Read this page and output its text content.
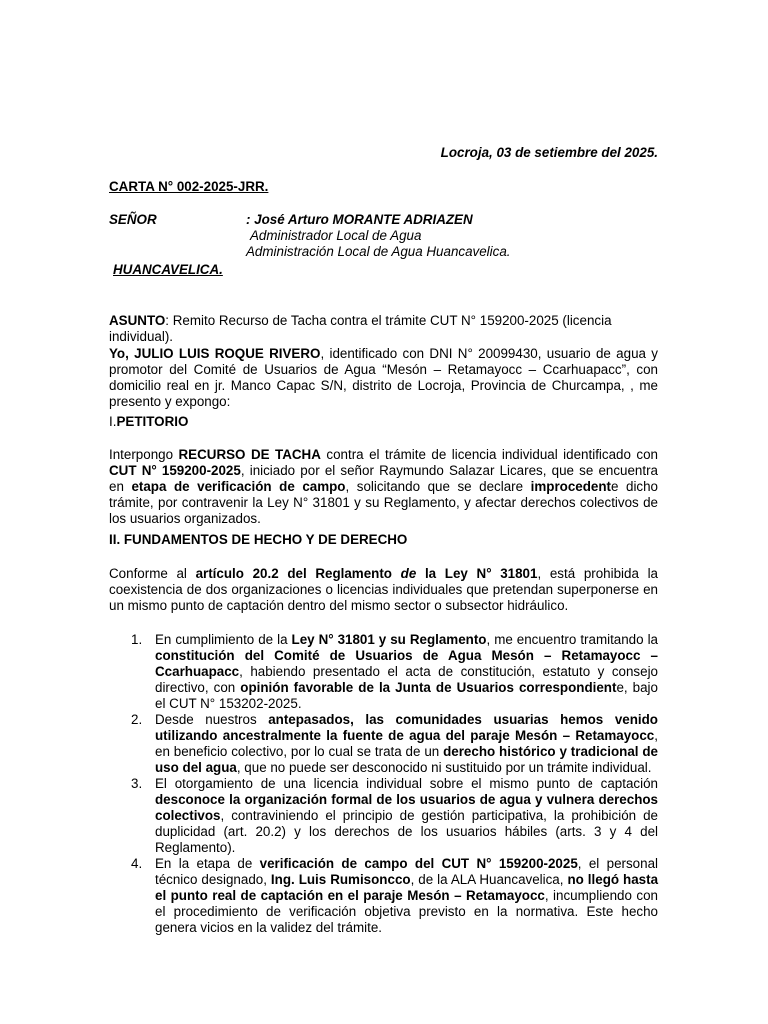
Locroja, 03 de setiembre del 2025.
CARTA N° 002-2025-JRR.
SEÑOR	: José Arturo MORANTE ADRIAZEN
Administrador Local de Agua
Administración Local de Agua Huancavelica.
HUANCAVELICA.
ASUNTO: Remito Recurso de Tacha contra el trámite CUT N° 159200-2025 (licencia individual).
Yo, JULIO LUIS ROQUE RIVERO, identificado con DNI N° 20099430, usuario de agua y promotor del Comité de Usuarios de Agua “Mesón – Retamayocc – Ccarhuapacc”, con domicilio real en jr. Manco Capac S/N, distrito de Locroja, Provincia de Churcampa, , me presento y expongo:
I.PETITORIO
Interpongo RECURSO DE TACHA contra el trámite de licencia individual identificado con CUT N° 159200-2025, iniciado por el señor Raymundo Salazar Licares, que se encuentra en etapa de verificación de campo, solicitando que se declare improcedente dicho trámite, por contravenir la Ley N° 31801 y su Reglamento, y afectar derechos colectivos de los usuarios organizados.
II. FUNDAMENTOS DE HECHO Y DE DERECHO
Conforme al artículo 20.2 del Reglamento de la Ley N° 31801, está prohibida la coexistencia de dos organizaciones o licencias individuales que pretendan superponerse en un mismo punto de captación dentro del mismo sector o subsector hidráulico.
1. En cumplimiento de la Ley N° 31801 y su Reglamento, me encuentro tramitando la constitución del Comité de Usuarios de Agua Mesón – Retamayocc – Ccarhuapacc, habiendo presentado el acta de constitución, estatuto y consejo directivo, con opinión favorable de la Junta de Usuarios correspondiente, bajo el CUT N° 153202-2025.
2. Desde nuestros antepasados, las comunidades usuarias hemos venido utilizando ancestralmente la fuente de agua del paraje Mesón – Retamayocc, en beneficio colectivo, por lo cual se trata de un derecho histórico y tradicional de uso del agua, que no puede ser desconocido ni sustituido por un trámite individual.
3. El otorgamiento de una licencia individual sobre el mismo punto de captación desconoce la organización formal de los usuarios de agua y vulnera derechos colectivos, contraviniendo el principio de gestión participativa, la prohibición de duplicidad (art. 20.2) y los derechos de los usuarios hábiles (arts. 3 y 4 del Reglamento).
4. En la etapa de verificación de campo del CUT N° 159200-2025, el personal técnico designado, Ing. Luis Rumisoncco, de la ALA Huancavelica, no llegó hasta el punto real de captación en el paraje Mesón – Retamayocc, incumpliendo con el procedimiento de verificación objetiva previsto en la normativa. Este hecho genera vicios en la validez del trámite.
